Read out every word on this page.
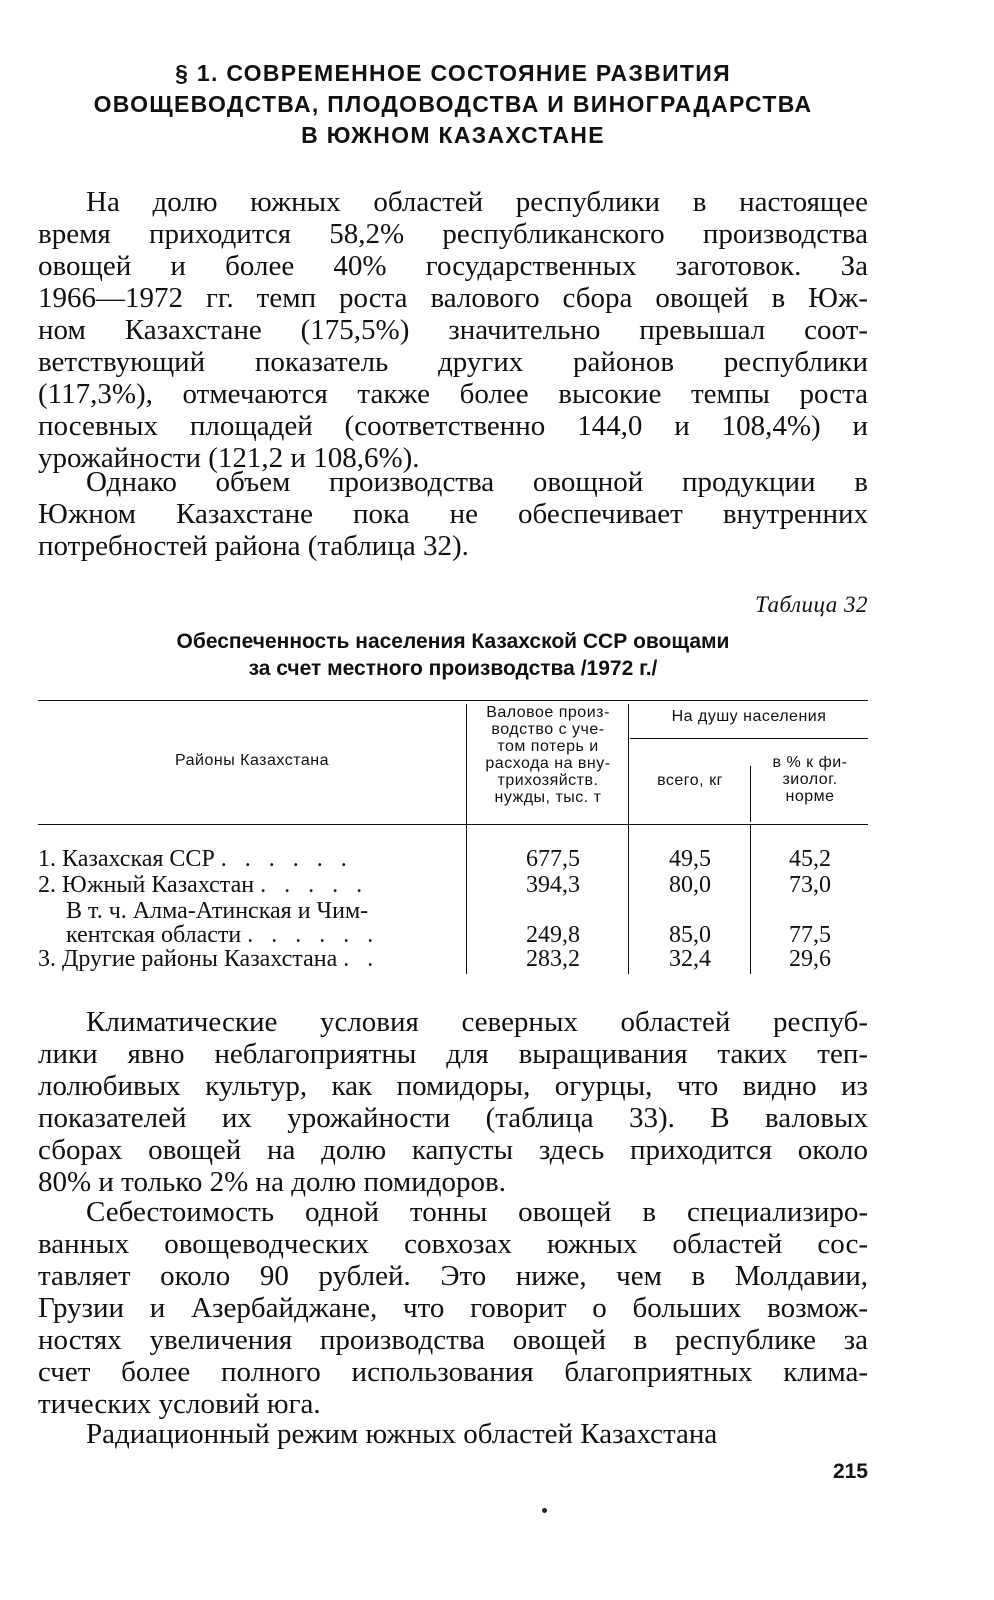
§ 1. СОВРЕМЕННОЕ СОСТОЯНИЕ РАЗВИТИЯ
ОВОЩЕВОДСТВА, ПЛОДОВОДСТВА И ВИНОГРАДАРСТВА
В ЮЖНОМ КАЗАХСТАНЕ
На долю южных областей республики в настоящее
время приходится 58,2% республиканского производства
овощей и более 40% государственных заготовок. За
1966—1972 гг. темп роста валового сбора овощей в Юж-
ном Казахстане (175,5%) значительно превышал соот-
ветствующий показатель других районов республики
(117,3%), отмечаются также более высокие темпы роста
посевных площадей (соответственно 144,0 и 108,4%) и
урожайности (121,2 и 108,6%).
Однако объем производства овощной продукции в
Южном Казахстане пока не обеспечивает внутренних
потребностей района (таблица 32).
Таблица 32
Обеспеченность населения Казахской ССР овощами
за счет местного производства /1972 г./
Районы Казахстана
Валовое произ-
водство с уче-
том потерь и
расхода на вну-
трихозяйств.
нужды, тыс. т
На душу населения
всего, кг
в % к фи-
зиолог.
норме
1. Казахская ССР . . . . . .	677,5	49,5	45,2
2. Южный Казахстан . . . . .	394,3	80,0	73,0
В т. ч. Алма-Атинская и Чим-
кентская области . . . . . .	249,8	85,0	77,5
3. Другие районы Казахстана . .	283,2	32,4	29,6
Климатические условия северных областей респуб-
лики явно неблагоприятны для выращивания таких теп-
лолюбивых культур, как помидоры, огурцы, что видно из
показателей их урожайности (таблица 33). В валовых
сборах овощей на долю капусты здесь приходится около
80% и только 2% на долю помидоров.
Себестоимость одной тонны овощей в специализиро-
ванных овощеводческих совхозах южных областей сос-
тавляет около 90 рублей. Это ниже, чем в Молдавии,
Грузии и Азербайджане, что говорит о больших возмож-
ностях увеличения производства овощей в республике за
счет более полного использования благоприятных клима-
тических условий юга.
Радиационный режим южных областей Казахстана
215
